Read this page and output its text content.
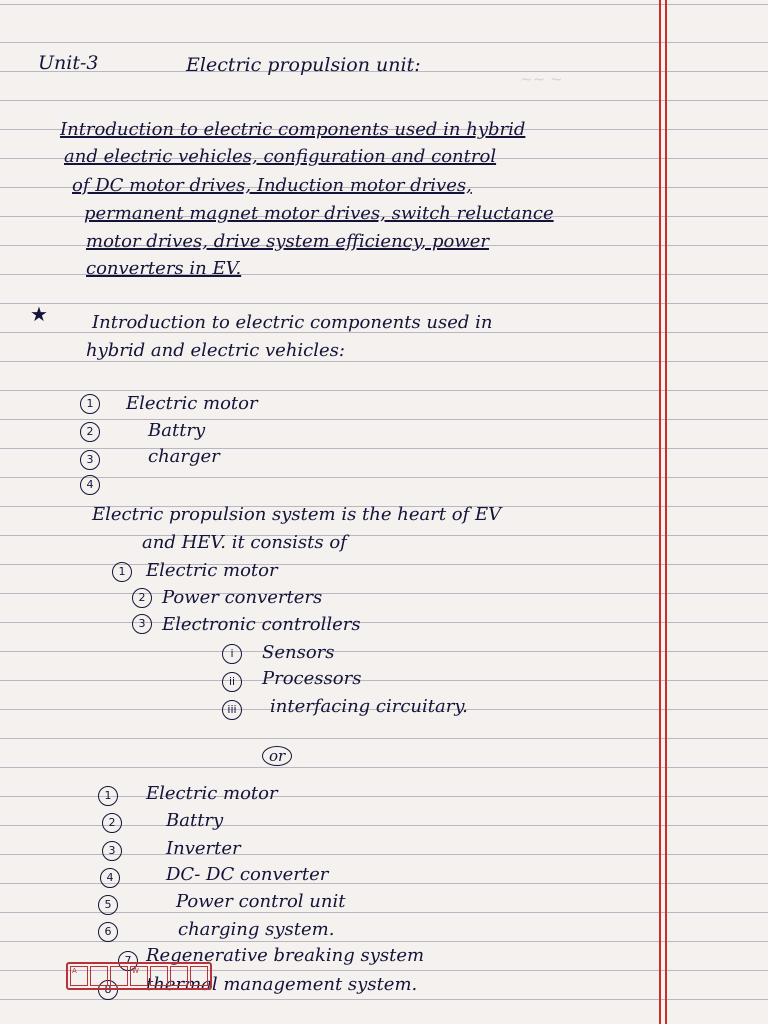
~~ ~
Unit-3	Electric propulsion unit:
Introduction to electric components used in hybrid
and electric vehicles, configuration and control
of DC motor drives, Induction motor drives,
permanent magnet motor drives, switch reluctance
motor drives, drive system efficiency, power
converters in EV.
★ Introduction to electric components used in
hybrid and electric vehicles:
1	Electric motor
2	Battry
3	charger
4
Electric propulsion system is the heart of EV
and HEV. it consists of
1	Electric motor
2 Power converters
3 Electronic controllers
i	Sensors
ii	Processors
iii	interfacing circuitary.
or
1	Electric motor
2	Battry
3	Inverter
4	DC- DC converter
5	Power control unit
6	charging system.
7 Regenerative breaking system
8	thermal management system.
A	W
